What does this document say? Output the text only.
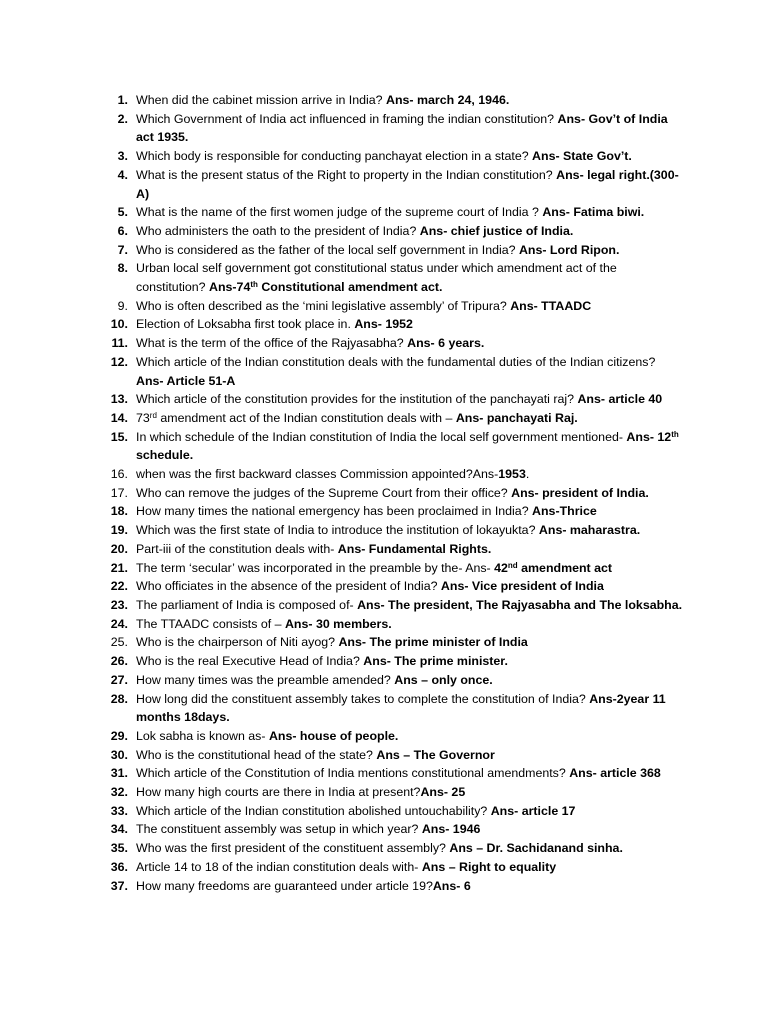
1. When did the cabinet mission arrive in India? Ans- march 24, 1946.
2. Which Government of India act influenced in framing the indian constitution? Ans- Gov’t of India act 1935.
3. Which body is responsible for conducting panchayat election in a state? Ans- State Gov’t.
4. What is the present status of the Right to property in the Indian constitution? Ans- legal right.(300-A)
5. What is the name of the first women judge of the supreme court of India ? Ans- Fatima biwi.
6. Who administers the oath to the president of India? Ans- chief justice of India.
7. Who is considered as the father of the local self government in India? Ans- Lord Ripon.
8. Urban local self government got constitutional status under which amendment act of the constitution? Ans-74th Constitutional amendment act.
9. Who is often described as the ‘mini legislative assembly’ of Tripura? Ans- TTAADC
10. Election of Loksabha first took place in. Ans- 1952
11. What is the term of the office of the Rajyasabha? Ans- 6 years.
12. Which article of the Indian constitution deals with the fundamental duties of the Indian citizens? Ans- Article 51-A
13. Which article of the constitution provides for the institution of the panchayati raj? Ans- article 40
14. 73rd amendment act of the Indian constitution deals with – Ans- panchayati Raj.
15. In which schedule of the Indian constitution of India the local self government mentioned- Ans- 12th schedule.
16. when was the first backward classes Commission appointed?Ans-1953.
17. Who can remove the judges of the Supreme Court from their office? Ans- president of India.
18. How many times the national emergency has been proclaimed in India? Ans-Thrice
19. Which was the first state of India to introduce the institution of lokayukta? Ans- maharastra.
20. Part-iii of the constitution deals with- Ans- Fundamental Rights.
21. The term ‘secular’ was incorporated in the preamble by the- Ans- 42nd amendment act
22. Who officiates in the absence of the president of India? Ans- Vice president of India
23. The parliament of India is composed of- Ans- The president, The Rajyasabha and The loksabha.
24. The TTAADC consists of – Ans- 30 members.
25. Who is the chairperson of Niti ayog? Ans- The prime minister of India
26. Who is the real Executive Head of India? Ans- The prime minister.
27. How many times was the preamble amended? Ans – only once.
28. How long did the constituent assembly takes to complete the constitution of India? Ans-2year 11 months 18days.
29. Lok sabha is known as- Ans- house of people.
30. Who is the constitutional head of the state? Ans – The Governor
31. Which article of the Constitution of India mentions constitutional amendments? Ans- article 368
32. How many high courts are there in India at present?Ans- 25
33. Which article of the Indian constitution abolished untouchability? Ans- article 17
34. The constituent assembly was setup in which year? Ans- 1946
35. Who was the first president of the constituent assembly? Ans – Dr. Sachidanand sinha.
36. Article 14 to 18 of the indian constitution deals with- Ans – Right to equality
37. How many freedoms are guaranteed under article 19?Ans- 6
